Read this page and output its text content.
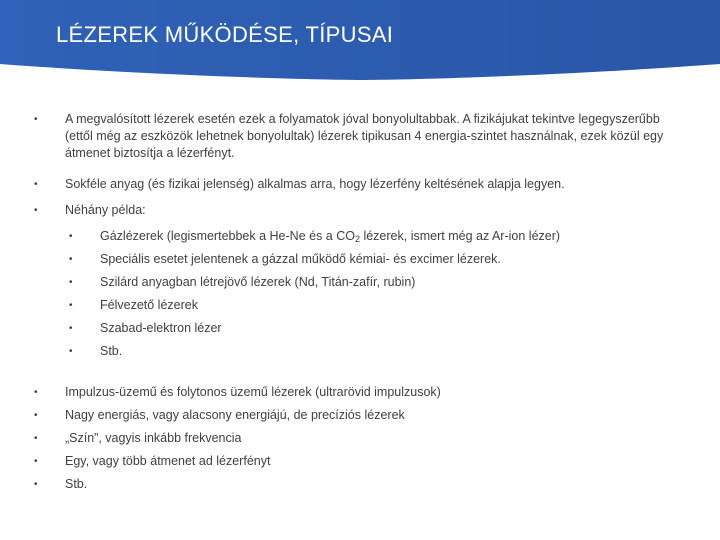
LÉZEREK MŰKÖDÉSE, TÍPUSAI
• A megvalósított lézerek esetén ezek a folyamatok jóval bonyolultabbak. A fizikájukat tekintve legegyszerűbb (ettől még az eszközök lehetnek bonyolultak) lézerek tipikusan 4 energia-szintet használnak, ezek közül egy átmenet biztosítja a lézerfényt.
• Sokféle anyag (és fizikai jelenség) alkalmas arra, hogy lézerfény keltésének alapja legyen.
• Néhány példa:
• Gázlézerek (legismertebbek a He-Ne és a $CO_2$ lézerek, ismert még az Ar-ion lézer)
• Speciális esetet jelentenek a gázzal működő kémiai- és excimer lézerek.
• Szilárd anyagban létrejövő lézerek (Nd, Titán-zafír, rubin)
• Félvezető lézerek
• Szabad-elektron lézer
• Stb.
• Impulzus-üzemű és folytonos üzemű lézerek (ultrarövid impulzusok)
• Nagy energiás, vagy alacsony energiájú, de precíziós lézerek
• „Szín”, vagyis inkább frekvencia
• Egy, vagy több átmenet ad lézerfényt
• Stb.
